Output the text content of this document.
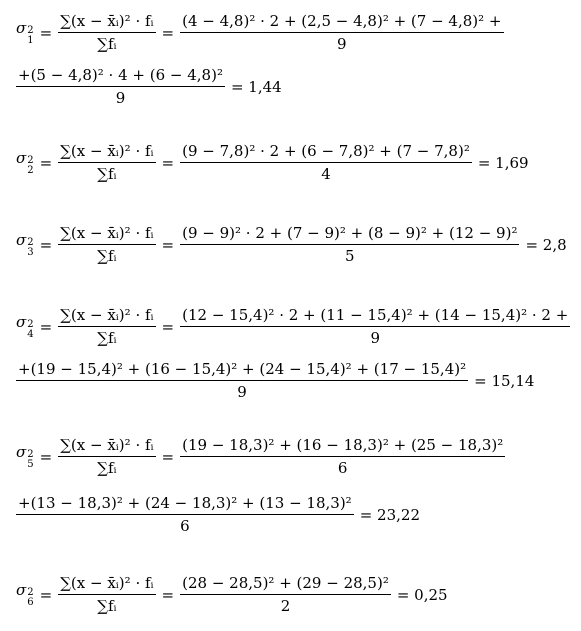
σ 2
$1 = \frac{\text{∑(x − x̄ᵢ)² · fᵢ}}{\text{∑fᵢ}} = \frac{\text{(4 − 4,8)² · 2 + (2,5 − 4,8)² + (7 − 4,8)² +}}{9}$
$\frac{\text{+(5 − 4,8)² · 4 + (6 − 4,8)²}}{9} = 1,44$
σ 2
$2 = \frac{\text{∑(x − x̄ᵢ)² · fᵢ}}{\text{∑fᵢ}} = \frac{\text{(9 − 7,8)² · 2 + (6 − 7,8)² + (7 − 7,8)²}}{4} = 1,69$
σ 2
$3 = \frac{\text{∑(x − x̄ᵢ)² · fᵢ}}{\text{∑fᵢ}} = \frac{\text{(9 − 9)² · 2 + (7 − 9)² + (8 − 9)² + (12 − 9)²}}{5} = 2,8$
σ 2
$4 = \frac{\text{∑(x − x̄ᵢ)² · fᵢ}}{\text{∑fᵢ}} = \frac{\text{(12 − 15,4)² · 2 + (11 − 15,4)² + (14 − 15,4)² · 2 +}}{9}$
$\frac{\text{+(19 − 15,4)² + (16 − 15,4)² + (24 − 15,4)² + (17 − 15,4)²}}{9} = 15,14$
σ 2
$5 = \frac{\text{∑(x − x̄ᵢ)² · fᵢ}}{\text{∑fᵢ}} = \frac{\text{(19 − 18,3)² + (16 − 18,3)² + (25 − 18,3)²}}{6}$
$\frac{\text{+(13 − 18,3)² + (24 − 18,3)² + (13 − 18,3)²}}{6} = 23,22$
σ 2
$6 = \frac{\text{∑(x − x̄ᵢ)² · fᵢ}}{\text{∑fᵢ}} = \frac{\text{(28 − 28,5)² + (29 − 28,5)²}}{2} = 0,25$
